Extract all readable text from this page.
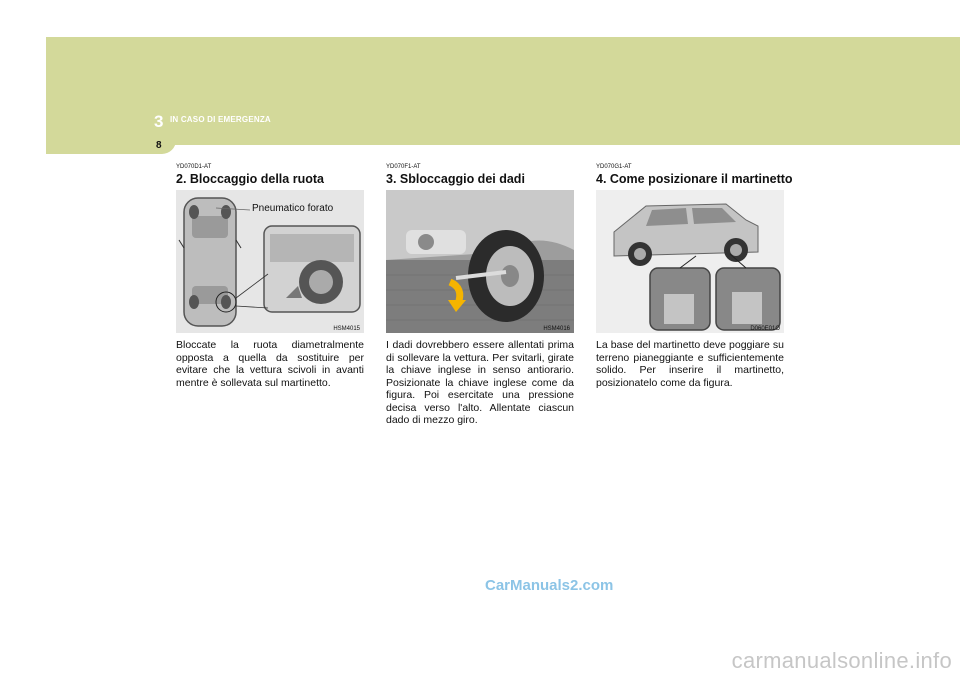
3 IN CASO DI EMERGENZA
8
YD070D1-AT
2. Bloccaggio della ruota
Pneumatico forato
HSM4015
Bloccate la ruota diametralmente opposta a quella da sostituire per evitare che la vettura scivoli in avanti mentre è sollevata sul martinetto.
YD070F1-AT
3. Sbloccaggio dei dadi
HSM4016
I dadi dovrebbero essere allentati prima di sollevare la vettura. Per svitarli, girate la chiave inglese in senso antiorario. Posizionate la chiave inglese come da figura. Poi esercitate una pressione decisa verso l'alto. Allentate ciascun dado di mezzo giro.
YD070G1-AT
4. Come posizionare il martinetto
D060E01O
La base del martinetto deve poggiare su terreno pianeggiante e sufficientemente solido. Per inserire il martinetto, posizionatelo come da figura.
CarManuals2.com
carmanualsonline.info
